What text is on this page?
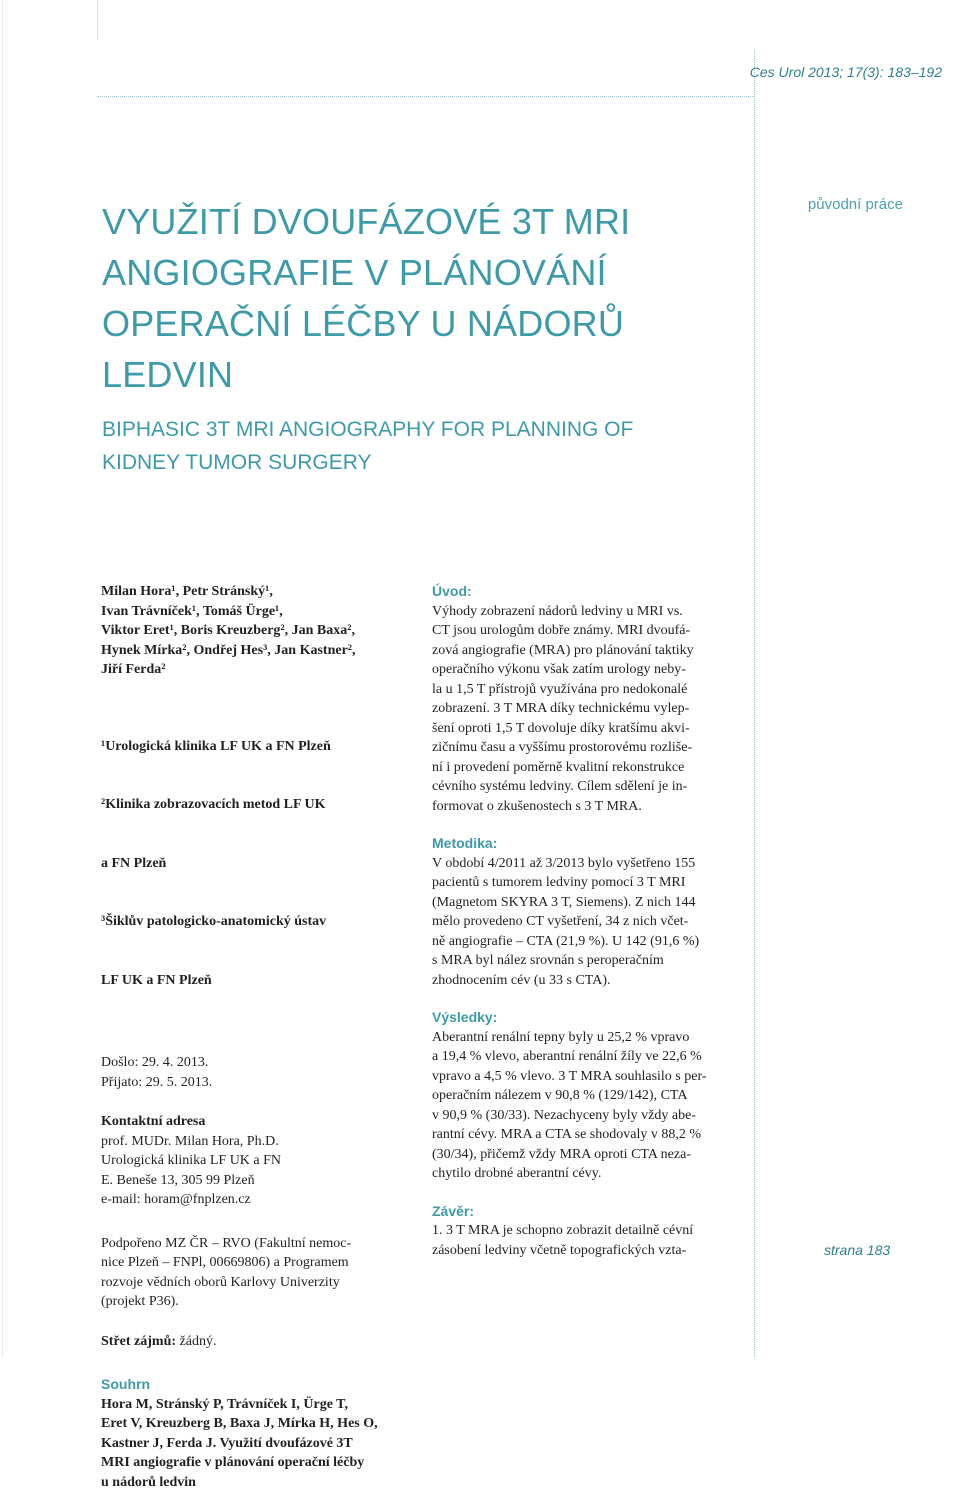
Ces Urol 2013; 17(3): 183–192
původní práce
VYUŽITÍ DVOUFÁZOVÉ 3T MRI
ANGIOGRAFIE V PLÁNOVÁNÍ
OPERAČNÍ LÉČBY U NÁDORŮ
LEDVIN
BIPHASIC 3T MRI ANGIOGRAPHY FOR PLANNING OF
KIDNEY TUMOR SURGERY
Milan Hora¹, Petr Stránský¹,
Ivan Trávníček¹, Tomáš Ürge¹,
Viktor Eret¹, Boris Kreuzberg², Jan Baxa²,
Hynek Mírka², Ondřej Hes³, Jan Kastner²,
Jiří Ferda²

¹Urologická klinika LF UK a FN Plzeň

²Klinika zobrazovacích metod LF UK

a FN Plzeň

³Šiklův patologicko-anatomický ústav

LF UK a FN Plzeň

Došlo: 29. 4. 2013.
Přijato: 29. 5. 2013.
Kontaktní adresa
prof. MUDr. Milan Hora, Ph.D.
Urologická klinika LF UK a FN
E. Beneše 13, 305 99 Plzeň
e-mail: horam@fnplzen.cz
Podpořeno MZ ČR – RVO (Fakultní nemoc-
nice Plzeň – FNPl, 00669806) a Programem
rozvoje vědních oborů Karlovy Univerzity
(projekt P36).
Střet zájmů: žádný.
Souhrn
Hora M, Stránský P, Trávníček I, Ürge T,
Eret V, Kreuzberg B, Baxa J, Mírka H, Hes O,
Kastner J, Ferda J. Využití dvoufázové 3T
MRI angiografie v plánování operační léčby
u nádorů ledvin
Úvod:
Výhody zobrazení nádorů ledviny u MRI vs.
CT jsou urologům dobře známy. MRI dvoufá-
zová angiografie (MRA) pro plánování taktiky
operačního výkonu však zatím urology neby-
la u 1,5 T přístrojů využívána pro nedokonalé
zobrazení. 3 T MRA díky technickému vylep-
šení oproti 1,5 T dovoluje díky kratšímu akvi-
zičnímu času a vyššímu prostorovému rozliše-
ní i provedení poměrně kvalitní rekonstrukce
cévního systému ledviny. Cílem sdělení je in-
formovat o zkušenostech s 3 T MRA.
Metodika:
V období 4/2011 až 3/2013 bylo vyšetřeno 155
pacientů s tumorem ledviny pomocí 3 T MRI
(Magnetom SKYRA 3 T, Siemens). Z nich 144
mělo provedeno CT vyšetření, 34 z nich včet-
ně angiografie – CTA (21,9 %). U 142 (91,6 %)
s MRA byl nález srovnán s peroperačním
zhodnocením cév (u 33 s CTA).
Výsledky:
Aberantní renální tepny byly u 25,2 % vpravo
a 19,4 % vlevo, aberantní renální žíly ve 22,6 %
vpravo a 4,5 % vlevo. 3 T MRA souhlasilo s per-
operačním nálezem v 90,8 % (129/142), CTA
v 90,9 % (30/33). Nezachyceny byly vždy abe-
rantní cévy. MRA a CTA se shodovaly v 88,2 %
(30/34), přičemž vždy MRA oproti CTA neza-
chytilo drobné aberantní cévy.
Závěr:
1. 3 T MRA je schopno zobrazit detailně cévní
zásobení ledviny včetně topografických vzta-	strana 183
